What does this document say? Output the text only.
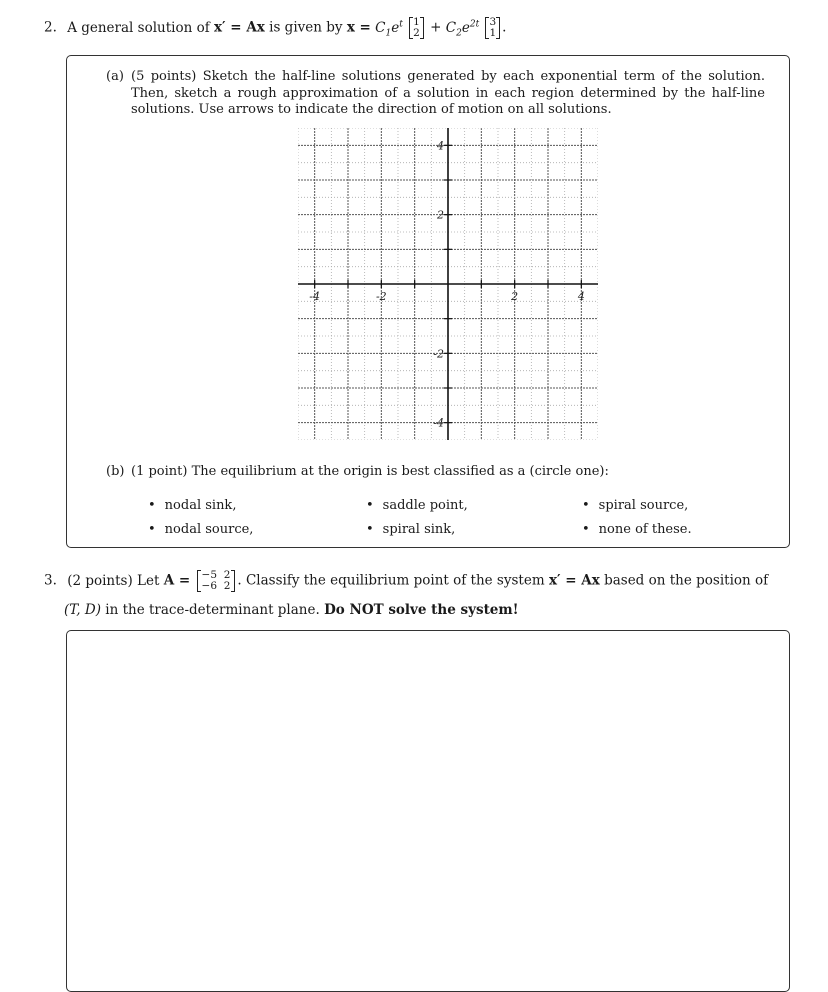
2. A general solution of x′ = Ax is given by $x = C_1e^t$ 1
$2 + C_2e^{2t}$ 3
1 .
(a) (5 points) Sketch the half-line solutions generated by each exponential term of the solution. Then, sketch a rough approximation of a solution in each region determined by the half-line solutions. Use arrows to indicate the direction of motion on all solutions.
-4	-2	2	4
4
2
-2
-4
(b) (1 point) The equilibrium at the origin is best classified as a (circle one):
• nodal sink,	• saddle point,	• spiral source,
• nodal source,	• spiral sink,	• none of these.
3. (2 points) Let A = −5 2
−6 2 . Classify the equilibrium point of the system x′ = Ax based on the position of
(T, D) in the trace-determinant plane. Do NOT solve the system!
